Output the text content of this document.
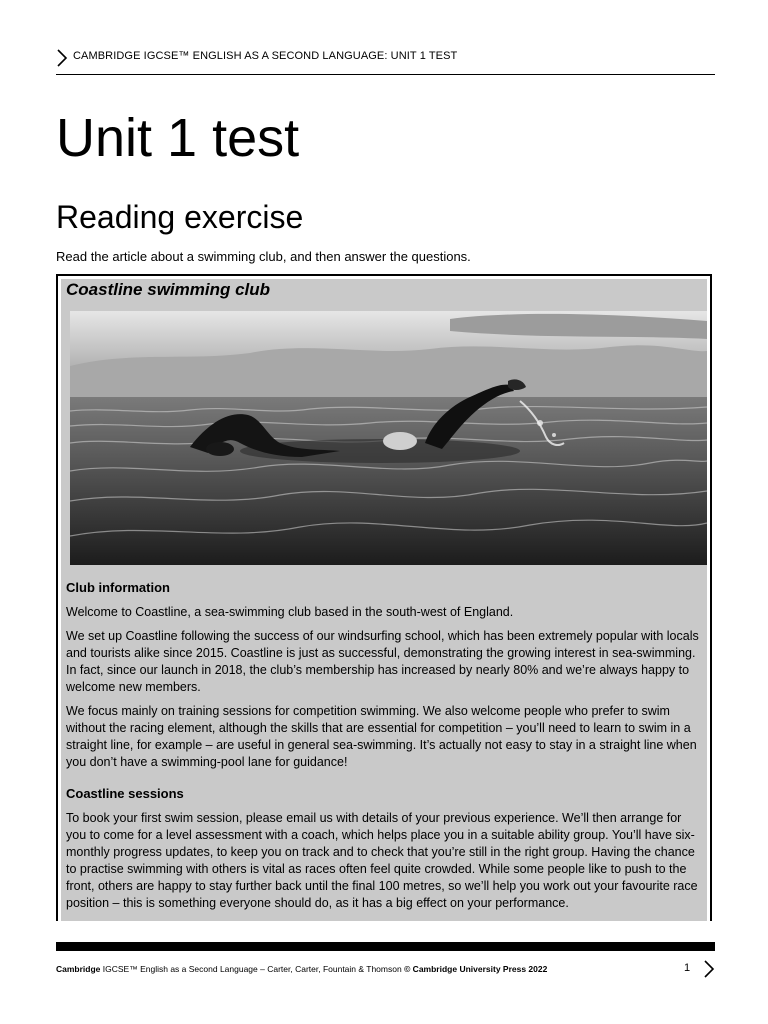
CAMBRIDGE IGCSE™ ENGLISH AS A SECOND LANGUAGE: UNIT 1 TEST
Unit 1 test
Reading exercise

Read the article about a swimming club, and then answer the questions.

Coastline swimming club
Club information

Welcome to Coastline, a sea-swimming club based in the south-west of England.

We set up Coastline following the success of our windsurfing school, which has been extremely popular with locals and tourists alike since 2015. Coastline is just as successful, demonstrating the growing interest in sea-swimming. In fact, since our launch in 2018, the club’s membership has increased by nearly 80% and we’re always happy to welcome new members.

We focus mainly on training sessions for competition swimming. We also welcome people who prefer to swim without the racing element, although the skills that are essential for competition – you’ll need to learn to swim in a straight line, for example – are useful in general sea-swimming. It’s actually not easy to stay in a straight line when you don’t have a swimming-pool lane for guidance!

Coastline sessions

To book your first swim session, please email us with details of your previous experience. We’ll then arrange for you to come for a level assessment with a coach, which helps place you in a suitable ability group. You’ll have six-monthly progress updates, to keep you on track and to check that you’re still in the right group. Having the chance to practise swimming with others is vital as races often feel quite crowded. While some people like to push to the front, others are happy to stay further back until the final 100 metres, so we’ll help you work out your favourite race position – this is something everyone should do, as it has a big effect on your performance.

Cambridge IGCSE™ English as a Second Language – Carter, Carter, Fountain & Thomson © Cambridge University Press 2022	1
